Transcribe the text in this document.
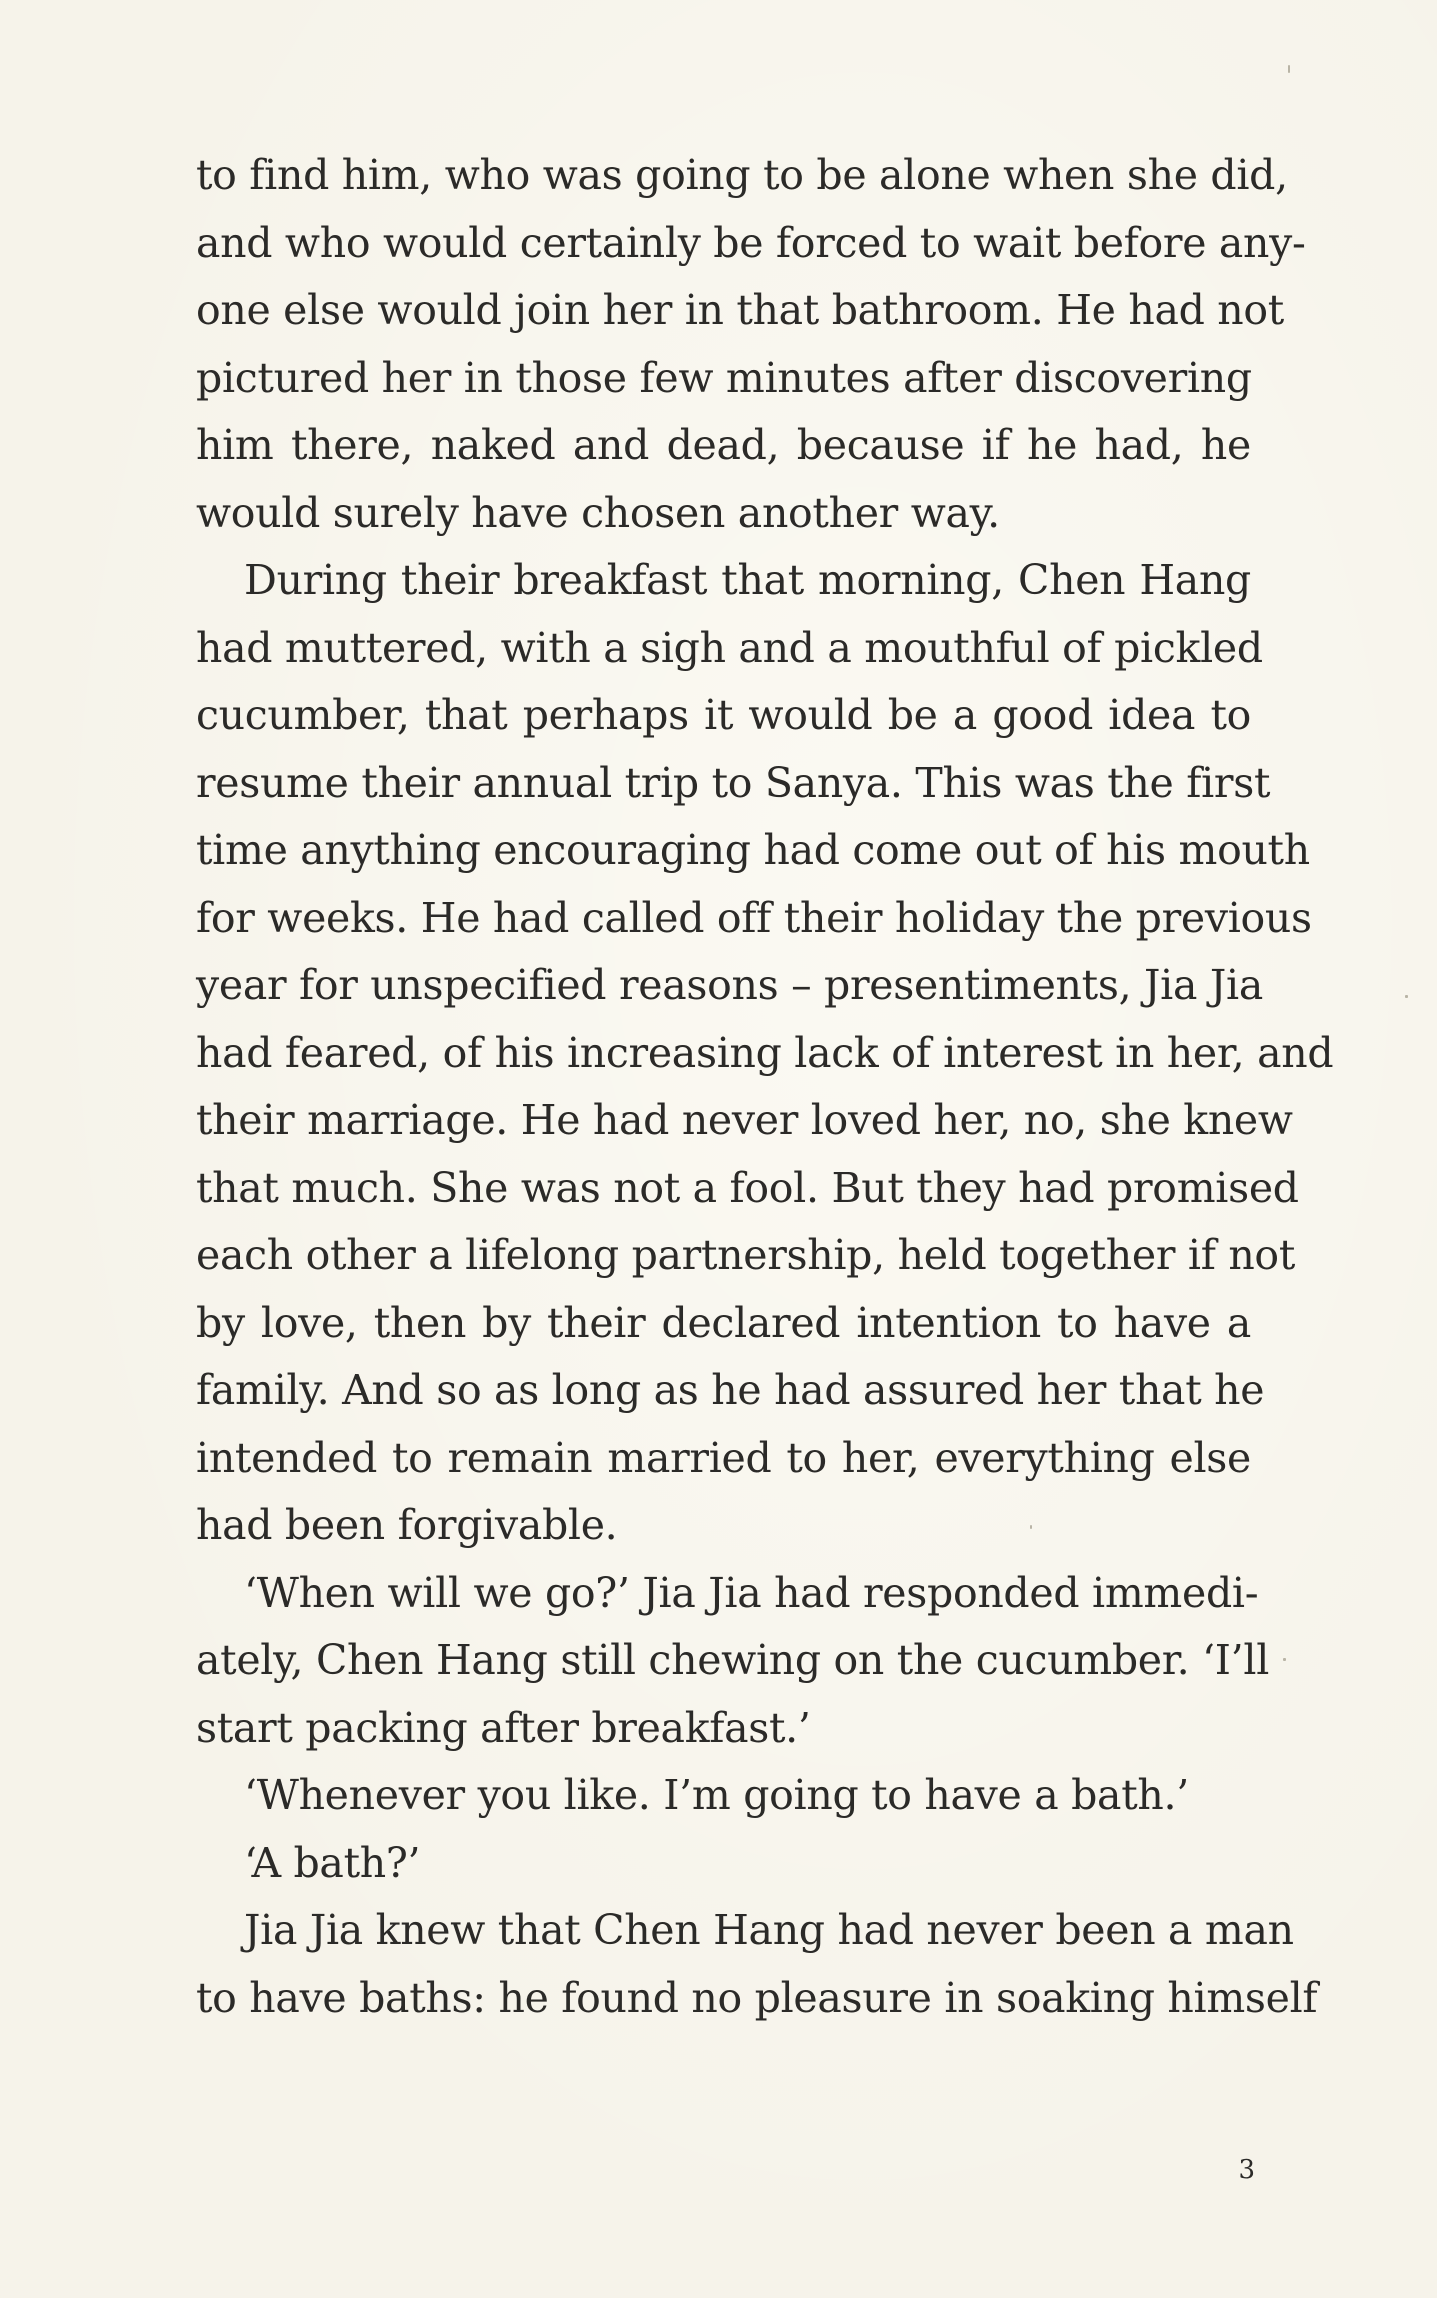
to find him, who was going to be alone when she did,
and who would certainly be forced to wait before any-
one else would join her in that bathroom. He had not
pictured her in those few minutes after discovering
him there, naked and dead, because if he had, he
would surely have chosen another way.
During their breakfast that morning, Chen Hang
had muttered, with a sigh and a mouthful of pickled
cucumber, that perhaps it would be a good idea to
resume their annual trip to Sanya. This was the first
time anything encouraging had come out of his mouth
for weeks. He had called off their holiday the previous
year for unspecified reasons – presentiments, Jia Jia
had feared, of his increasing lack of interest in her, and
their marriage. He had never loved her, no, she knew
that much. She was not a fool. But they had promised
each other a lifelong partnership, held together if not
by love, then by their declared intention to have a
family. And so as long as he had assured her that he
intended to remain married to her, everything else
had been forgivable.
‘When will we go?’ Jia Jia had responded immedi-
ately, Chen Hang still chewing on the cucumber. ‘I’ll
start packing after breakfast.’
‘Whenever you like. I’m going to have a bath.’
‘A bath?’
Jia Jia knew that Chen Hang had never been a man
to have baths: he found no pleasure in soaking himself
3
